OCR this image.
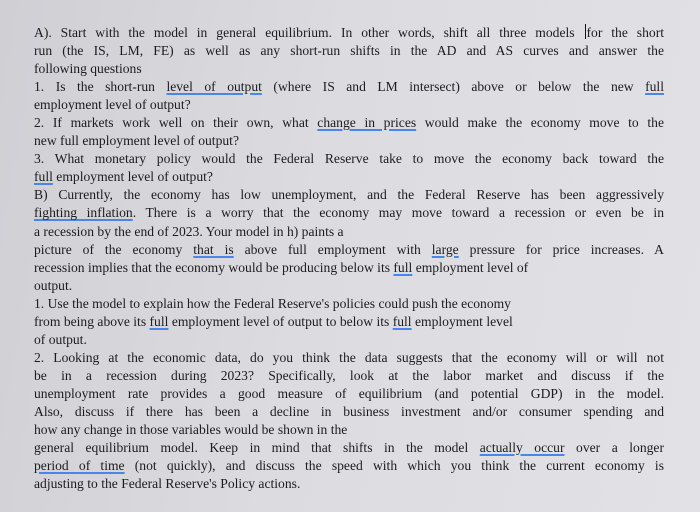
A). Start with the model in general equilibrium. In other words, shift all three models for the short
run (the IS, LM, FE) as well as any short-run shifts in the AD and AS curves and answer the
following questions
1. Is the short-run level of output (where IS and LM intersect) above or below the new full
employment level of output?
2. If markets work well on their own, what change in prices would make the economy move to the
new full employment level of output?
3. What monetary policy would the Federal Reserve take to move the economy back toward the
full employment level of output?
B) Currently, the economy has low unemployment, and the Federal Reserve has been aggressively
fighting inflation. There is a worry that the economy may move toward a recession or even be in
a recession by the end of 2023. Your model in h) paints a
picture of the economy that is above full employment with large pressure for price increases. A
recession implies that the economy would be producing below its full employment level of
output.
1. Use the model to explain how the Federal Reserve's policies could push the economy
from being above its full employment level of output to below its full employment level
of output.
2. Looking at the economic data, do you think the data suggests that the economy will or will not
be in a recession during 2023? Specifically, look at the labor market and discuss if the
unemployment rate provides a good measure of equilibrium (and potential GDP) in the model.
Also, discuss if there has been a decline in business investment and/or consumer spending and
how any change in those variables would be shown in the
general equilibrium model. Keep in mind that shifts in the model actually occur over a longer
period of time (not quickly), and discuss the speed with which you think the current economy is
adjusting to the Federal Reserve's Policy actions.
